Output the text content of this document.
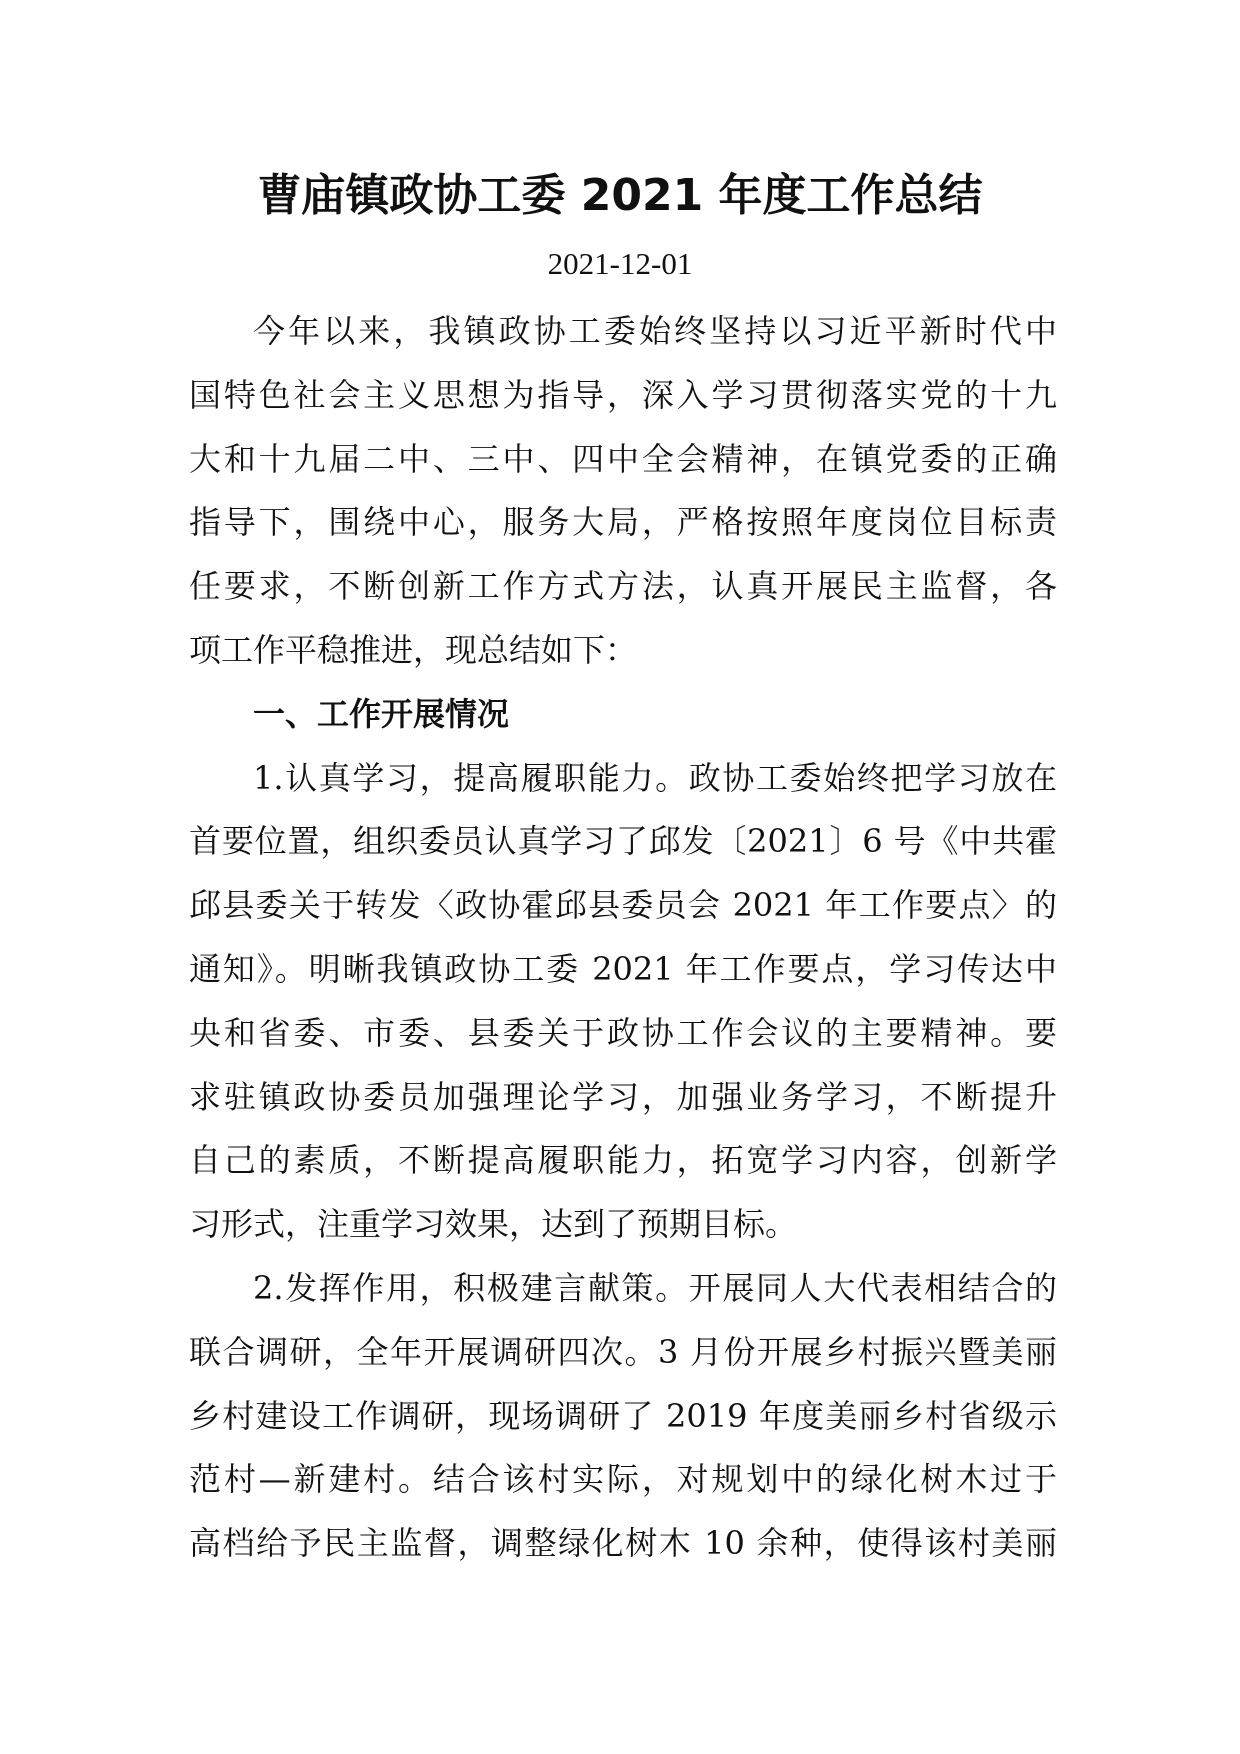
曹庙镇政协工委 2021 年度工作总结
2021-12-01
今年以来，我镇政协工委始终坚持以习近平新时代中
国特色社会主义思想为指导，深入学习贯彻落实党的十九
大和十九届二中、三中、四中全会精神，在镇党委的正确
指导下，围绕中心，服务大局，严格按照年度岗位目标责
任要求，不断创新工作方式方法，认真开展民主监督，各
项工作平稳推进，现总结如下：
一、工作开展情况
1.认真学习，提高履职能力。政协工委始终把学习放在
首要位置，组织委员认真学习了邱发〔2021〕6 号《中共霍
邱县委关于转发〈政协霍邱县委员会 2021 年工作要点〉的
通知》。明晰我镇政协工委 2021 年工作要点，学习传达中
央和省委、市委、县委关于政协工作会议的主要精神。要
求驻镇政协委员加强理论学习，加强业务学习，不断提升
自己的素质，不断提高履职能力，拓宽学习内容，创新学
习形式，注重学习效果，达到了预期目标。
2.发挥作用，积极建言献策。开展同人大代表相结合的
联合调研，全年开展调研四次。3 月份开展乡村振兴暨美丽
乡村建设工作调研，现场调研了 2019 年度美丽乡村省级示
范村—新建村。结合该村实际，对规划中的绿化树木过于
高档给予民主监督，调整绿化树木 10 余种，使得该村美丽
